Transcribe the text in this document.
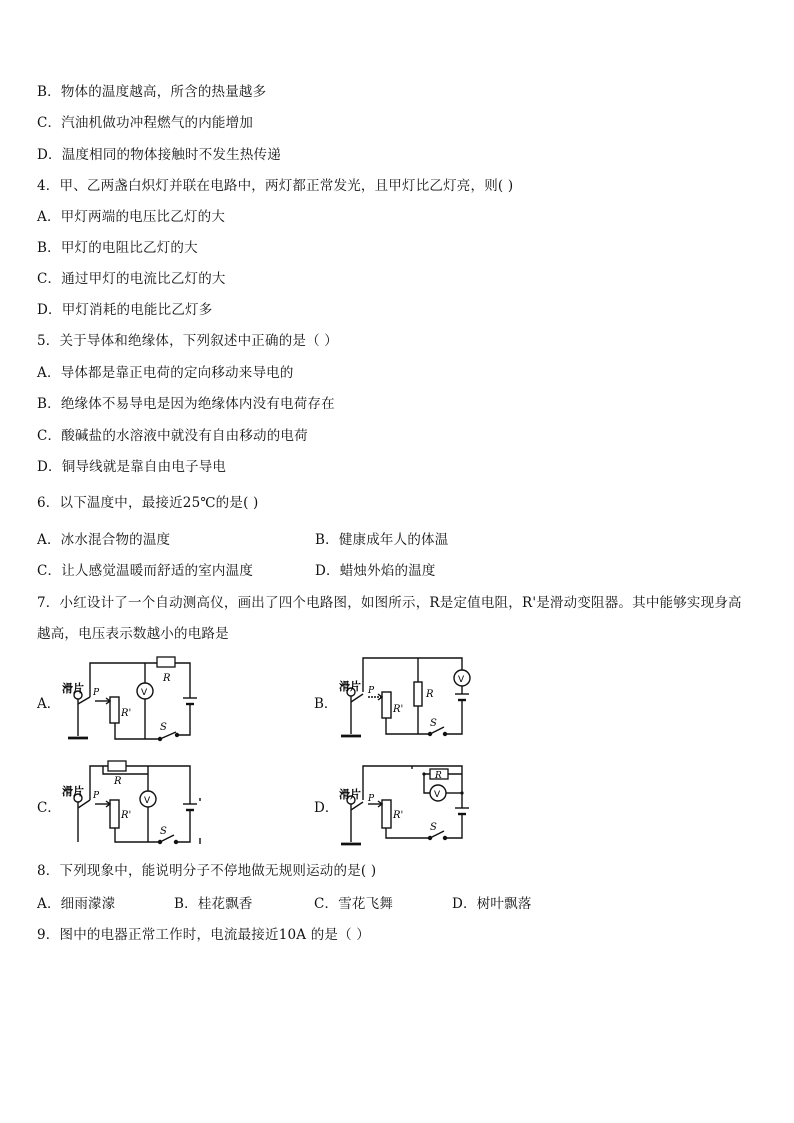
B．物体的温度越高，所含的热量越多
C．汽油机做功冲程燃气的内能增加
D．温度相同的物体接触时不发生热传递
4．甲、乙两盏白炽灯并联在电路中，两灯都正常发光，且甲灯比乙灯亮，则( )
A．甲灯两端的电压比乙灯的大
B．甲灯的电阻比乙灯的大
C．通过甲灯的电流比乙灯的大
D．甲灯消耗的电能比乙灯多
5．关于导体和绝缘体，下列叙述中正确的是（ ）
A．导体都是靠正电荷的定向移动来导电的
B．绝缘体不易导电是因为绝缘体内没有电荷存在
C．酸碱盐的水溶液中就没有自由移动的电荷
D．铜导线就是靠自由电子导电
6．以下温度中，最接近25℃的是( )
A．冰水混合物的温度	B．健康成年人的体温
C．让人感觉温暖而舒适的室内温度	D．蜡烛外焰的温度
7．小红设计了一个自动测高仪，画出了四个电路图，如图所示，R是定值电阻，R'是滑动变阻器。其中能够实现身高
越高，电压表示数越小的电路是
A．
滑片 P
R
R'
V
S
B．
滑片 P	R
R'
V
S
C．
滑片 P
R
R'
V
S
D．
滑片 P
R
R'
V
S
8．下列现象中，能说明分子不停地做无规则运动的是( )
A．细雨濛濛	B．桂花飘香	C．雪花飞舞	D．树叶飘落
9．图中的电器正常工作时，电流最接近10A 的是（ ）
